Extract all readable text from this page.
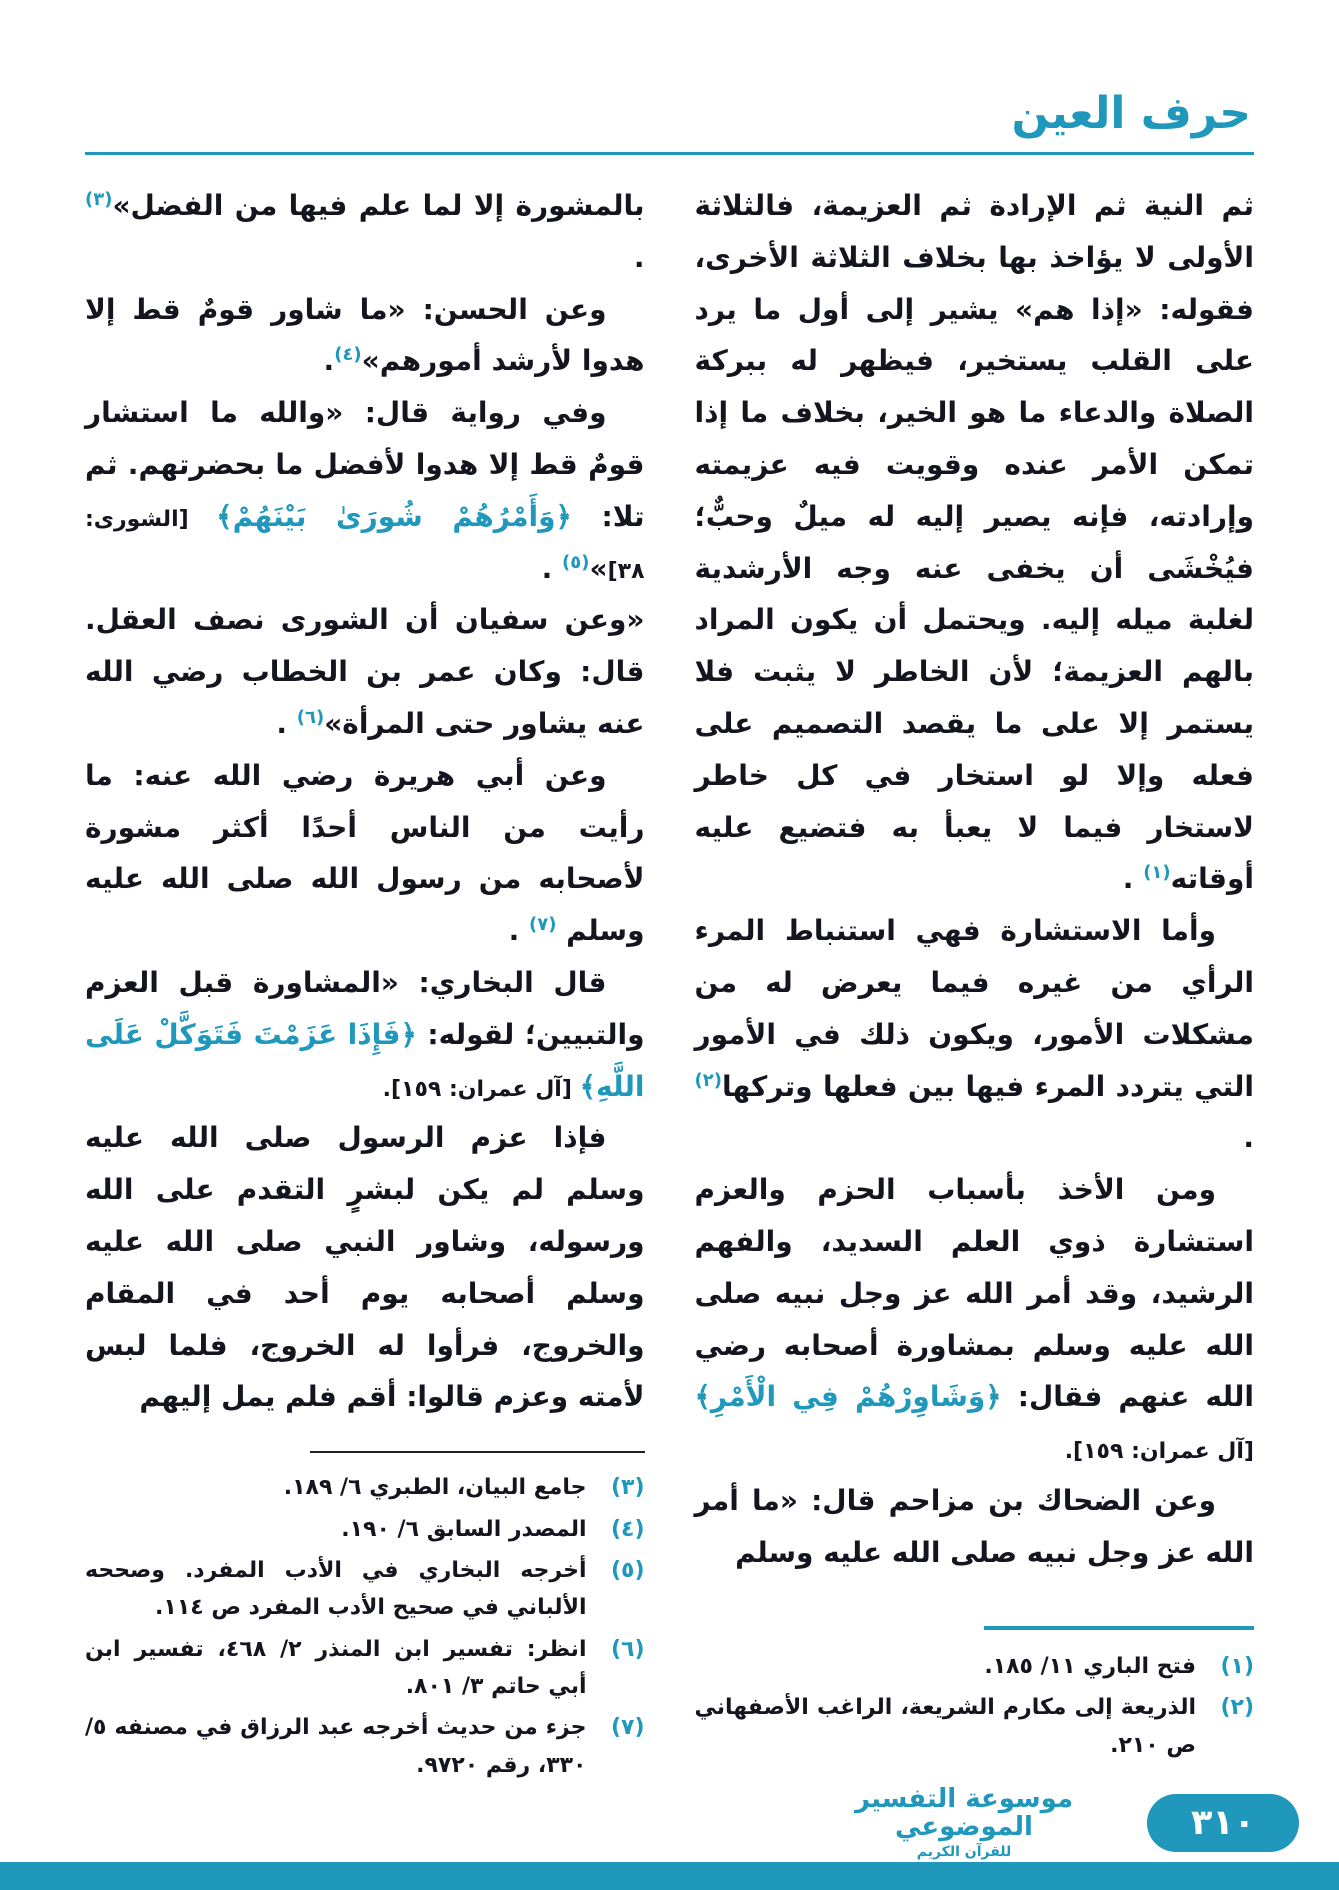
حرف العين

ثم النية ثم الإرادة ثم العزيمة، فالثلاثة الأولى لا يؤاخذ بها بخلاف الثلاثة الأخرى، فقوله: «إذا هم» يشير إلى أول ما يرد على القلب يستخير، فيظهر له ببركة الصلاة والدعاء ما هو الخير، بخلاف ما إذا تمكن الأمر عنده وقويت فيه عزيمته وإرادته، فإنه يصير إليه له ميلٌ وحبٌّ؛ فيُخْشَى أن يخفى عنه وجه الأرشدية لغلبة ميله إليه. ويحتمل أن يكون المراد بالهم العزيمة؛ لأن الخاطر لا يثبت فلا يستمر إلا على ما يقصد التصميم على فعله وإلا لو استخار في كل خاطر لاستخار فيما لا يعبأ به فتضيع عليه أوقاته$^{(١)}$ .

وأما الاستشارة فهي استنباط المرء الرأي من غيره فيما يعرض له من مشكلات الأمور، ويكون ذلك في الأمور التي يتردد المرء فيها بين فعلها وتركها$^{(٢)}$ .

ومن الأخذ بأسباب الحزم والعزم استشارة ذوي العلم السديد، والفهم الرشيد، وقد أمر الله عز وجل نبيه صلى الله عليه وسلم بمشاورة أصحابه رضي الله عنهم فقال: ﴿وَشَاوِرْهُمْ فِي الْأَمْرِ﴾ [آل عمران: ١٥٩].

وعن الضحاك بن مزاحم قال: «ما أمر الله عز وجل نبيه صلى الله عليه وسلم

(١)
فتح الباري ١١/ ١٨٥.
(٢)
الذريعة إلى مكارم الشريعة، الراغب الأصفهاني ص ٢١٠.

بالمشورة إلا لما علم فيها من الفضل»$^{(٣)}$ .

وعن الحسن: «ما شاور قومٌ قط إلا هدوا لأرشد أمورهم»$^{(٤)}$.

وفي رواية قال: «والله ما استشار قومٌ قط إلا هدوا لأفضل ما بحضرتهم. ثم تلا: ﴿وَأَمْرُهُمْ شُورَىٰ بَيْنَهُمْ﴾ [الشورى: ٣٨]»$^{(٥)}$ .

«وعن سفيان أن الشورى نصف العقل. قال: وكان عمر بن الخطاب رضي الله عنه يشاور حتى المرأة»$^{(٦)}$ .

وعن أبي هريرة رضي الله عنه: ما رأيت من الناس أحدًا أكثر مشورة لأصحابه من رسول الله صلى الله عليه وسلم $^{(٧)}$ .

قال البخاري: «المشاورة قبل العزم والتبيين؛ لقوله: ﴿فَإِذَا عَزَمْتَ فَتَوَكَّلْ عَلَى اللَّهِ﴾ [آل عمران: ١٥٩].

فإذا عزم الرسول صلى الله عليه وسلم لم يكن لبشرٍ التقدم على الله ورسوله، وشاور النبي صلى الله عليه وسلم أصحابه يوم أحد في المقام والخروج، فرأوا له الخروج، فلما لبس لأمته وعزم قالوا: أقم فلم يمل إليهم

(٣)
جامع البيان، الطبري ٦/ ١٨٩.
(٤)
المصدر السابق ٦/ ١٩٠.
(٥)
أخرجه البخاري في الأدب المفرد. وصححه الألباني في صحيح الأدب المفرد ص ١١٤.
(٦)
انظر: تفسير ابن المنذر ٢/ ٤٦٨، تفسير ابن أبي حاتم ٣/ ٨٠١.
(٧)
جزء من حديث أخرجه عبد الرزاق في مصنفه ٥/ ٣٣٠، رقم ٩٧٢٠.
موسوعة التفسير الموضوعي
للقرآن الكريم
٣١٠
